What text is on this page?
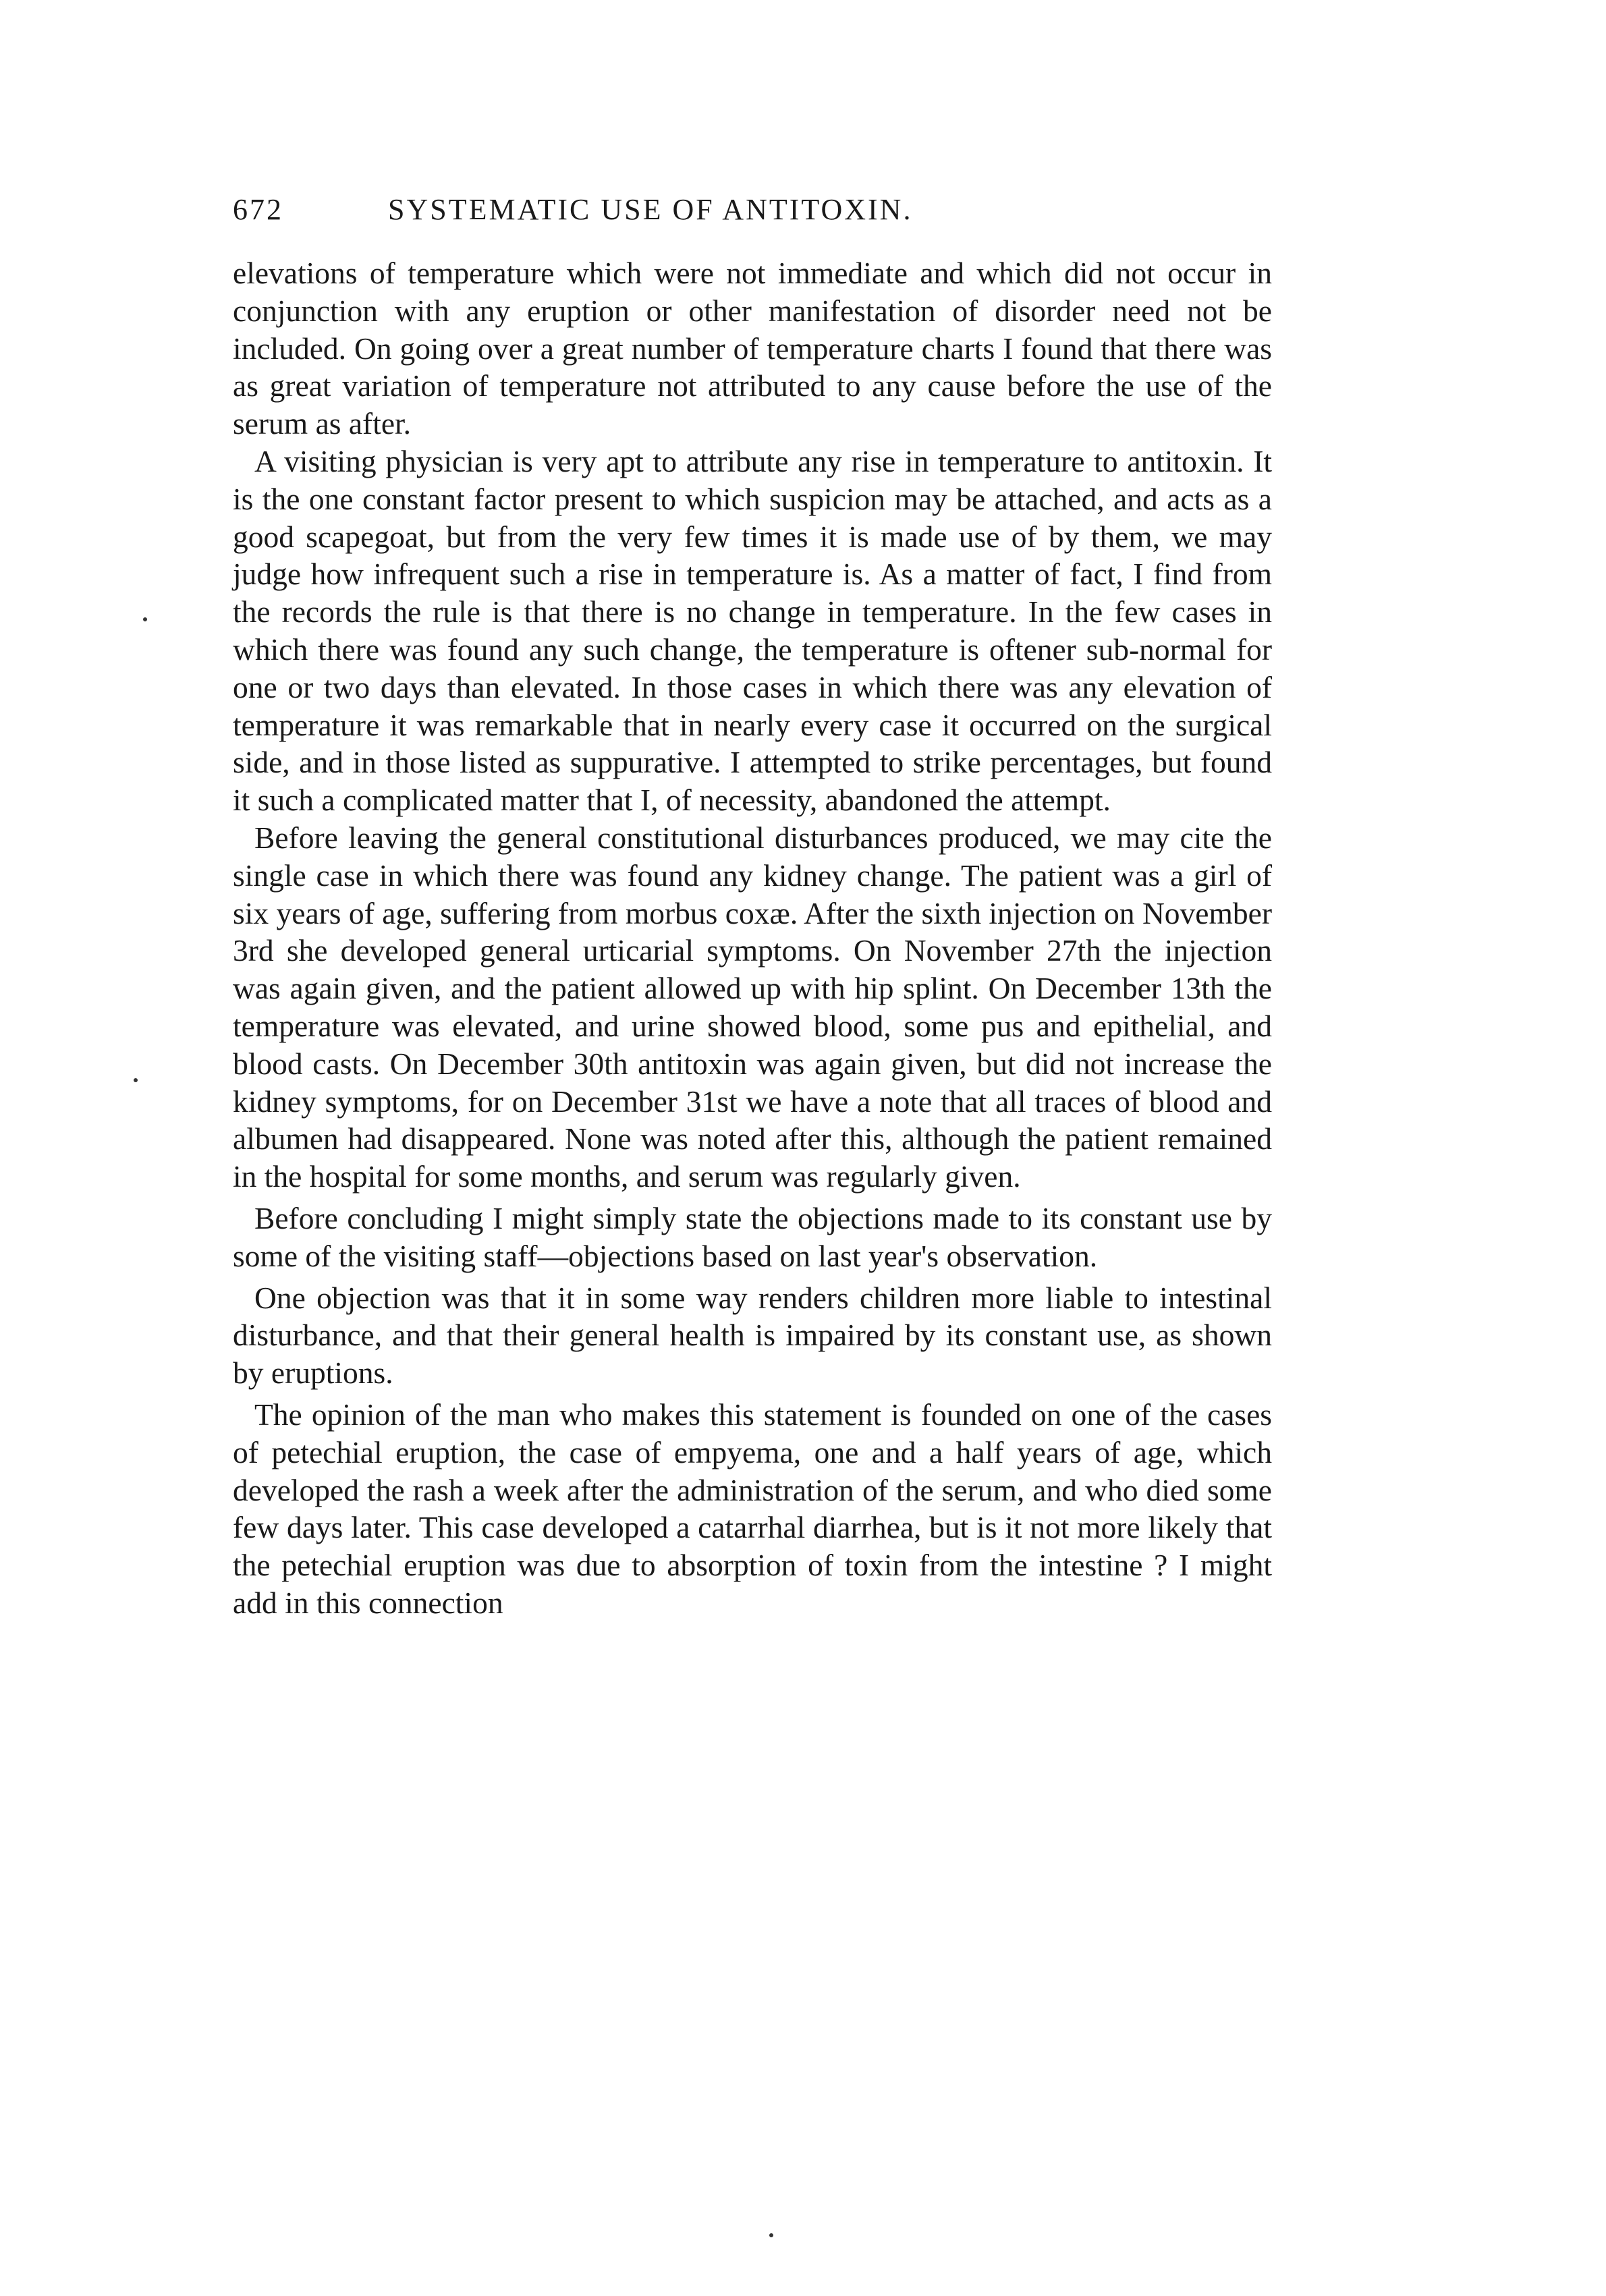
672	SYSTEMATIC USE OF ANTITOXIN.

elevations of temperature which were not immediate and which did not occur in conjunction with any eruption or other manifestation of disorder need not be included. On going over a great number of temperature charts I found that there was as great variation of temperature not attributed to any cause before the use of the serum as after.

A visiting physician is very apt to attribute any rise in temperature to antitoxin. It is the one constant factor present to which suspicion may be attached, and acts as a good scapegoat, but from the very few times it is made use of by them, we may judge how infrequent such a rise in temperature is. As a matter of fact, I find from the records the rule is that there is no change in temperature. In the few cases in which there was found any such change, the temperature is oftener sub-normal for one or two days than elevated. In those cases in which there was any elevation of temperature it was remarkable that in nearly every case it occurred on the surgical side, and in those listed as suppurative. I attempted to strike percentages, but found it such a complicated matter that I, of necessity, abandoned the attempt.

Before leaving the general constitutional disturbances produced, we may cite the single case in which there was found any kidney change. The patient was a girl of six years of age, suffering from morbus coxæ. After the sixth injection on November 3rd she developed general urticarial symptoms. On November 27th the injection was again given, and the patient allowed up with hip splint. On December 13th the temperature was elevated, and urine showed blood, some pus and epithelial, and blood casts. On December 30th antitoxin was again given, but did not increase the kidney symptoms, for on December 31st we have a note that all traces of blood and albumen had disappeared. None was noted after this, although the patient remained in the hospital for some months, and serum was regularly given.

Before concluding I might simply state the objections made to its constant use by some of the visiting staff—objections based on last year's observation.

One objection was that it in some way renders children more liable to intestinal disturbance, and that their general health is impaired by its constant use, as shown by eruptions.

The opinion of the man who makes this statement is founded on one of the cases of petechial eruption, the case of empyema, one and a half years of age, which developed the rash a week after the administration of the serum, and who died some few days later. This case developed a catarrhal diarrhea, but is it not more likely that the petechial eruption was due to absorption of toxin from the intestine ? I might add in this connection
